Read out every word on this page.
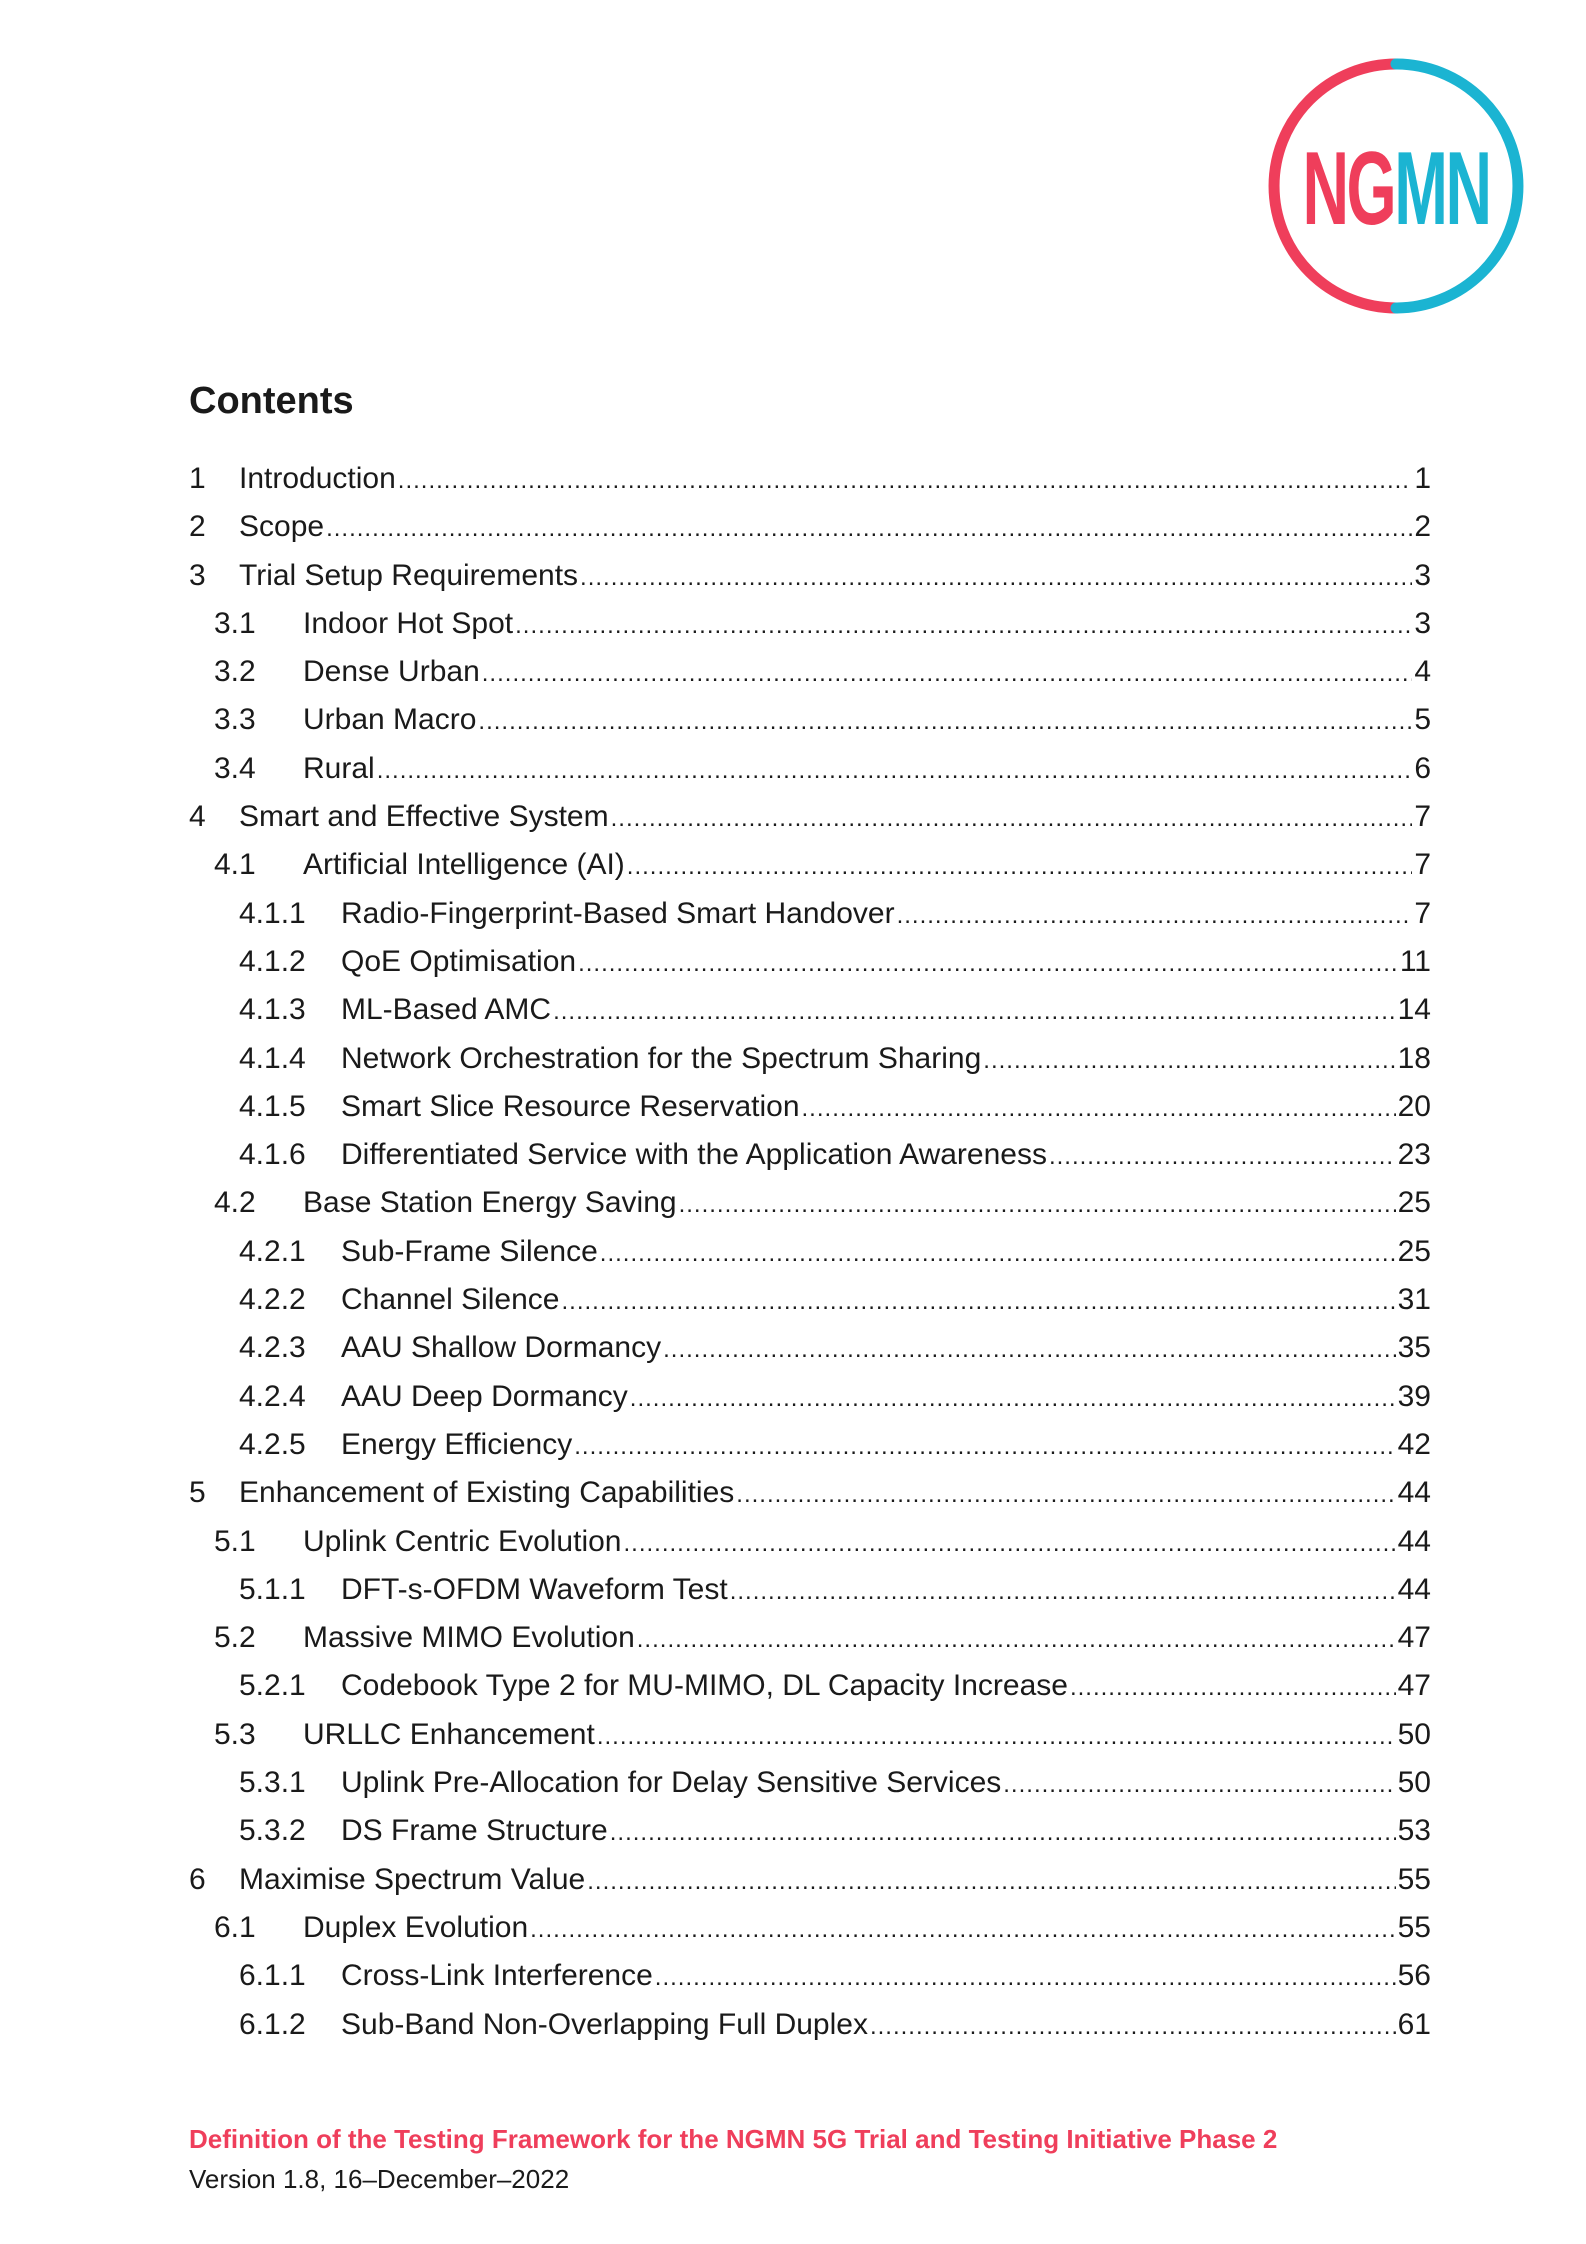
NGMN
Contents
1	Introduction .....	1
2	Scope .....	2
3	Trial Setup Requirements .....	3
3.1	Indoor Hot Spot .....	3
3.2	Dense Urban .....	4
3.3	Urban Macro .....	5
3.4	Rural .....	6
4	Smart and Effective System .....	7
4.1	Artificial Intelligence (AI) .....	7
4.1.1	Radio-Fingerprint-Based Smart Handover .....	7
4.1.2	QoE Optimisation .....	11
4.1.3	ML-Based AMC .....	14
4.1.4	Network Orchestration for the Spectrum Sharing .....	18
4.1.5	Smart Slice Resource Reservation .....	20
4.1.6	Differentiated Service with the Application Awareness .....	23
4.2	Base Station Energy Saving .....	25
4.2.1	Sub-Frame Silence .....	25
4.2.2	Channel Silence .....	31
4.2.3	AAU Shallow Dormancy .....	35
4.2.4	AAU Deep Dormancy .....	39
4.2.5	Energy Efficiency .....	42
5	Enhancement of Existing Capabilities .....	44
5.1	Uplink Centric Evolution .....	44
5.1.1	DFT-s-OFDM Waveform Test .....	44
5.2	Massive MIMO Evolution .....	47
5.2.1	Codebook Type 2 for MU-MIMO, DL Capacity Increase .....	47
5.3	URLLC Enhancement .....	50
5.3.1	Uplink Pre-Allocation for Delay Sensitive Services .....	50
5.3.2	DS Frame Structure .....	53
6	Maximise Spectrum Value .....	55
6.1	Duplex Evolution .....	55
6.1.1	Cross-Link Interference .....	56
6.1.2	Sub-Band Non-Overlapping Full Duplex .....	61
Definition of the Testing Framework for the NGMN 5G Trial and Testing Initiative Phase 2
Version 1.8, 16–December–2022
